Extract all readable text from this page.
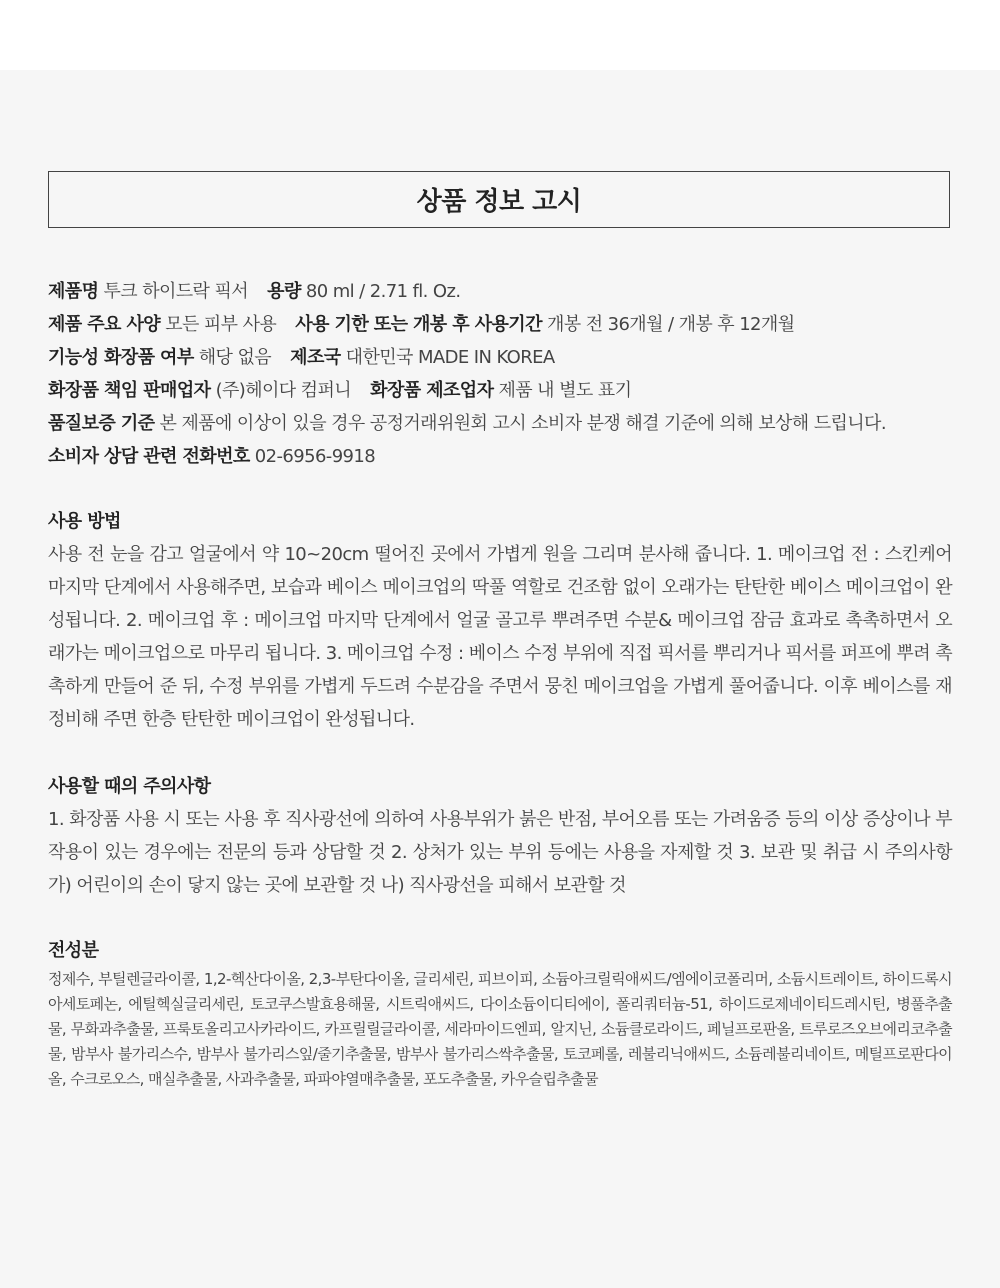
상품 정보 고시
제품명 투크 하이드락 픽서 용량 80 ml / 2.71 fl. Oz.
제품 주요 사양 모든 피부 사용 사용 기한 또는 개봉 후 사용기간 개봉 전 36개월 / 개봉 후 12개월
기능성 화장품 여부 해당 없음 제조국 대한민국 MADE IN KOREA
화장품 책임 판매업자 (주)헤이다 컴퍼니 화장품 제조업자 제품 내 별도 표기
품질보증 기준 본 제품에 이상이 있을 경우 공정거래위원회 고시 소비자 분쟁 해결 기준에 의해 보상해 드립니다.
소비자 상담 관련 전화번호 02-6956-9918
사용 방법

사용 전 눈을 감고 얼굴에서 약 10~20cm 떨어진 곳에서 가볍게 원을 그리며 분사해 줍니다. 1. 메이크업 전 : 스킨케어 마지막 단계에서 사용해주면, 보습과 베이스 메이크업의 딱풀 역할로 건조함 없이 오래가는 탄탄한 베이스 메이크업이 완성됩니다. 2. 메이크업 후 : 메이크업 마지막 단계에서 얼굴 골고루 뿌려주면 수분& 메이크업 잠금 효과로 촉촉하면서 오래가는 메이크업으로 마무리 됩니다. 3. 메이크업 수정 : 베이스 수정 부위에 직접 픽서를 뿌리거나 픽서를 퍼프에 뿌려 촉촉하게 만들어 준 뒤, 수정 부위를 가볍게 두드려 수분감을 주면서 뭉친 메이크업을 가볍게 풀어줍니다. 이후 베이스를 재정비해 주면 한층 탄탄한 메이크업이 완성됩니다.

사용할 때의 주의사항

1. 화장품 사용 시 또는 사용 후 직사광선에 의하여 사용부위가 붉은 반점, 부어오름 또는 가려움증 등의 이상 증상이나 부작용이 있는 경우에는 전문의 등과 상담할 것 2. 상처가 있는 부위 등에는 사용을 자제할 것 3. 보관 및 취급 시 주의사항 가) 어린이의 손이 닿지 않는 곳에 보관할 것 나) 직사광선을 피해서 보관할 것

전성분

정제수, 부틸렌글라이콜, 1,2-헥산다이올, 2,3-부탄다이올, 글리세린, 피브이피, 소듐아크릴릭애씨드/엠에이코폴리머, 소듐시트레이트, 하이드록시아세토페논, 에틸헥실글리세린, 토코쿠스발효용해물, 시트릭애씨드, 다이소듐이디티에이, 폴리쿼터늄-51, 하이드로제네이티드레시틴, 병풀추출물, 무화과추출물, 프룩토올리고사카라이드, 카프릴릴글라이콜, 세라마이드엔피, 알지닌, 소듐클로라이드, 페닐프로판올, 트루로즈오브에리코추출물, 밤부사 불가리스수, 밤부사 불가리스잎/줄기추출물, 밤부사 불가리스싹추출물, 토코페롤, 레불리닉애씨드, 소듐레불리네이트, 메틸프로판다이올, 수크로오스, 매실추출물, 사과추출물, 파파야열매추출물, 포도추출물, 카우슬립추출물
